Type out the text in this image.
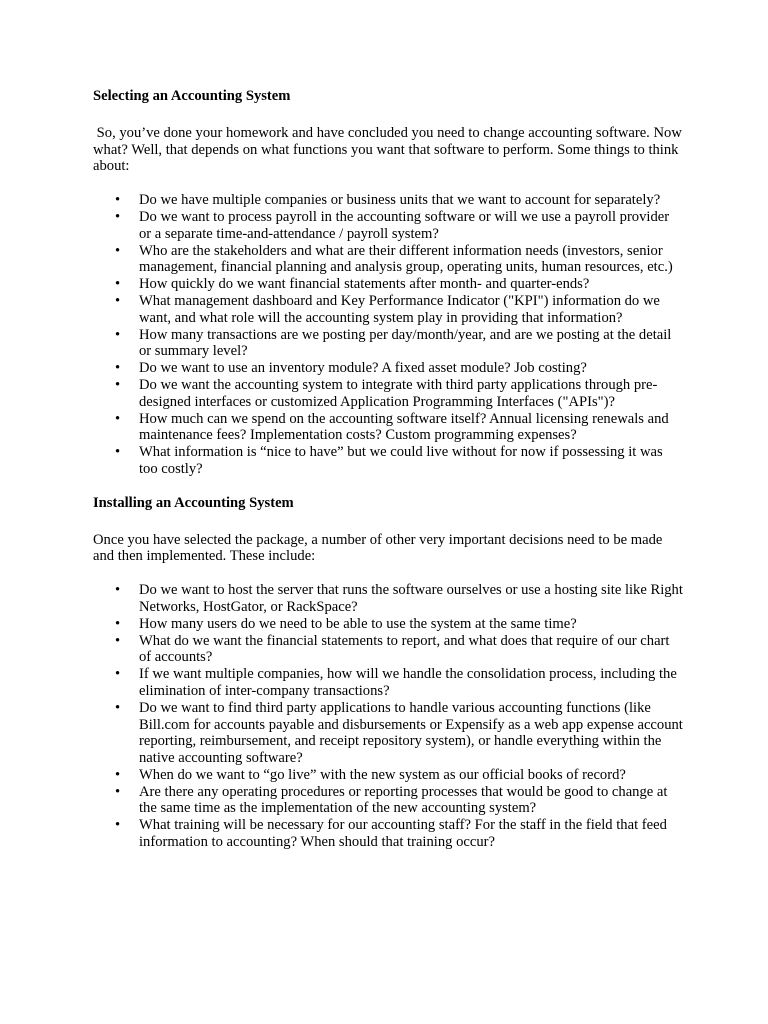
Selecting an Accounting System

So, you’ve done your homework and have concluded you need to change accounting software. Now what? Well, that depends on what functions you want that software to perform. Some things to think about:

• Do we have multiple companies or business units that we want to account for separately?
• Do we want to process payroll in the accounting software or will we use a payroll provider or a separate time-and-attendance / payroll system?
• Who are the stakeholders and what are their different information needs (investors, senior management, financial planning and analysis group, operating units, human resources, etc.)
• How quickly do we want financial statements after month- and quarter-ends?
• What management dashboard and Key Performance Indicator ("KPI") information do we want, and what role will the accounting system play in providing that information?
• How many transactions are we posting per day/month/year, and are we posting at the detail or summary level?
• Do we want to use an inventory module? A fixed asset module? Job costing?
• Do we want the accounting system to integrate with third party applications through pre-designed interfaces or customized Application Programming Interfaces ("APIs")?
• How much can we spend on the accounting software itself? Annual licensing renewals and maintenance fees? Implementation costs? Custom programming expenses?
• What information is “nice to have” but we could live without for now if possessing it was too costly?
Installing an Accounting System

Once you have selected the package, a number of other very important decisions need to be made and then implemented. These include:

• Do we want to host the server that runs the software ourselves or use a hosting site like Right Networks, HostGator, or RackSpace?
• How many users do we need to be able to use the system at the same time?
• What do we want the financial statements to report, and what does that require of our chart of accounts?
• If we want multiple companies, how will we handle the consolidation process, including the elimination of inter-company transactions?
• Do we want to find third party applications to handle various accounting functions (like Bill.com for accounts payable and disbursements or Expensify as a web app expense account reporting, reimbursement, and receipt repository system), or handle everything within the native accounting software?
• When do we want to “go live” with the new system as our official books of record?
• Are there any operating procedures or reporting processes that would be good to change at the same time as the implementation of the new accounting system?
• What training will be necessary for our accounting staff? For the staff in the field that feed information to accounting? When should that training occur?
